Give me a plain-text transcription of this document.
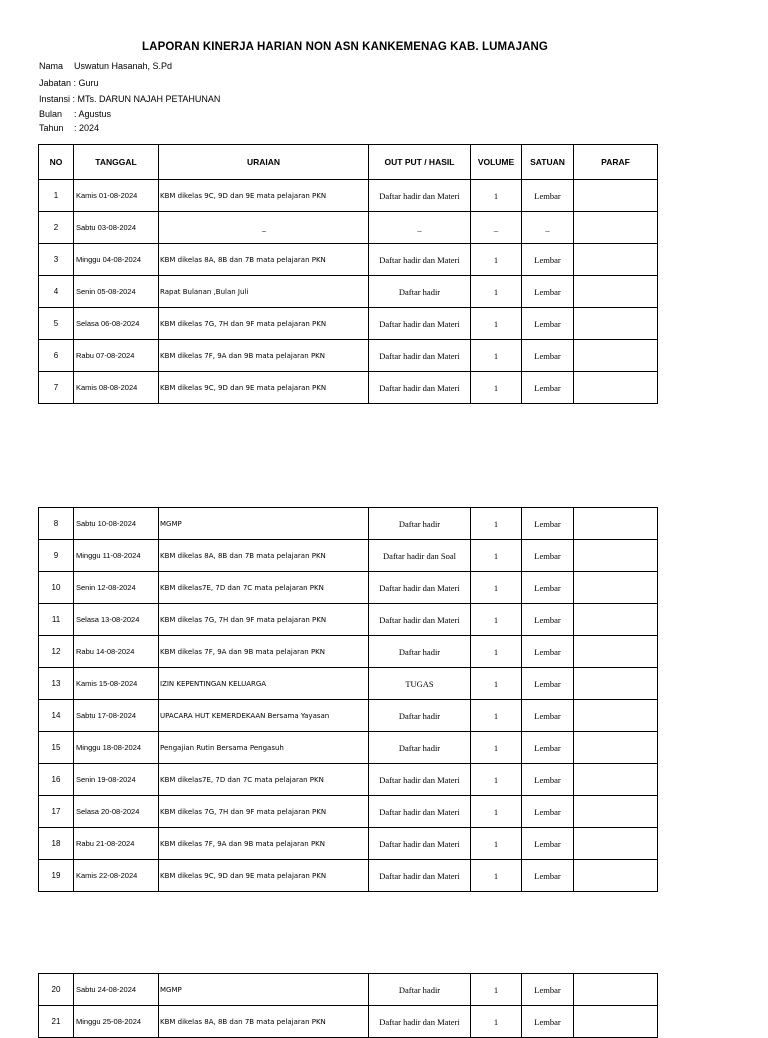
LAPORAN KINERJA HARIAN NON ASN KANKEMENAG KAB. LUMAJANG
Nama Uswatun Hasanah, S.Pd
Jabatan : Guru
Instansi : MTs. DARUN NAJAH PETAHUNAN
Bulan : Agustus
Tahun : 2024
NO	TANGGAL	URAIAN	OUT PUT / HASIL	VOLUME	SATUAN	PARAF
1	Kamis 01-08-2024	KBM dikelas 9C, 9D dan 9E mata pelajaran PKN	Daftar hadir dan Materi	1	Lembar	
2	Sabtu 03-08-2024	_	_	_	_	
3	Minggu 04-08-2024	KBM dikelas 8A, 8B dan 7B mata pelajaran PKN	Daftar hadir dan Materi	1	Lembar	
4	Senin 05-08-2024	Rapat Bulanan ,Bulan Juli	Daftar hadir	1	Lembar	
5	Selasa 06-08-2024	KBM dikelas 7G, 7H dan 9F mata pelajaran PKN	Daftar hadir dan Materi	1	Lembar	
6	Rabu 07-08-2024	KBM dikelas 7F, 9A dan 9B mata pelajaran PKN	Daftar hadir dan Materi	1	Lembar	
7	Kamis 08-08-2024	KBM dikelas 9C, 9D dan 9E mata pelajaran PKN	Daftar hadir dan Materi	1	Lembar	
8	Sabtu 10-08-2024	MGMP	Daftar hadir	1	Lembar	
9	Minggu 11-08-2024	KBM dikelas 8A, 8B dan 7B mata pelajaran PKN	Daftar hadir dan Soal	1	Lembar	
10	Senin 12-08-2024	KBM dikelas7E, 7D dan 7C mata pelajaran PKN	Daftar hadir dan Materi	1	Lembar	
11	Selasa 13-08-2024	KBM dikelas 7G, 7H dan 9F mata pelajaran PKN	Daftar hadir dan Materi	1	Lembar	
12	Rabu 14-08-2024	KBM dikelas 7F, 9A dan 9B mata pelajaran PKN	Daftar hadir	1	Lembar	
13	Kamis 15-08-2024	IZIN KEPENTINGAN KELUARGA	TUGAS	1	Lembar	
14	Sabtu 17-08-2024	UPACARA HUT KEMERDEKAAN Bersama Yayasan	Daftar hadir	1	Lembar	
15	Minggu 18-08-2024	Pengajian Rutin Bersama Pengasuh	Daftar hadir	1	Lembar	
16	Senin 19-08-2024	KBM dikelas7E, 7D dan 7C mata pelajaran PKN	Daftar hadir dan Materi	1	Lembar	
17	Selasa 20-08-2024	KBM dikelas 7G, 7H dan 9F mata pelajaran PKN	Daftar hadir dan Materi	1	Lembar	
18	Rabu 21-08-2024	KBM dikelas 7F, 9A dan 9B mata pelajaran PKN	Daftar hadir dan Materi	1	Lembar	
19	Kamis 22-08-2024	KBM dikelas 9C, 9D dan 9E mata pelajaran PKN	Daftar hadir dan Materi	1	Lembar	
20	Sabtu 24-08-2024	MGMP	Daftar hadir	1	Lembar	
21	Minggu 25-08-2024	KBM dikelas 8A, 8B dan 7B mata pelajaran PKN	Daftar hadir dan Materi	1	Lembar	
